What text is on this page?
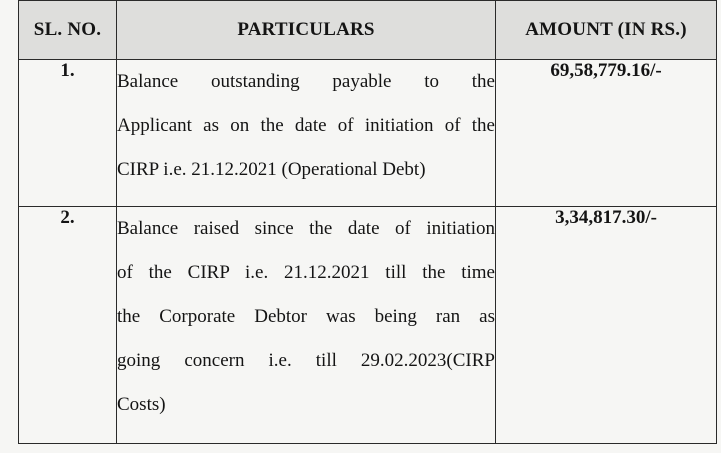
SL. NO.	PARTICULARS	AMOUNT (IN RS.)
1.	Balance outstanding payable to the
Applicant as on the date of initiation of the
CIRP i.e. 21.12.2021 (Operational Debt)	69,58,779.16/-
2.	Balance raised since the date of initiation
of the CIRP i.e. 21.12.2021 till the time
the Corporate Debtor was being ran as
going concern i.e. till 29.02.2023(CIRP
Costs)	3,34,817.30/-
